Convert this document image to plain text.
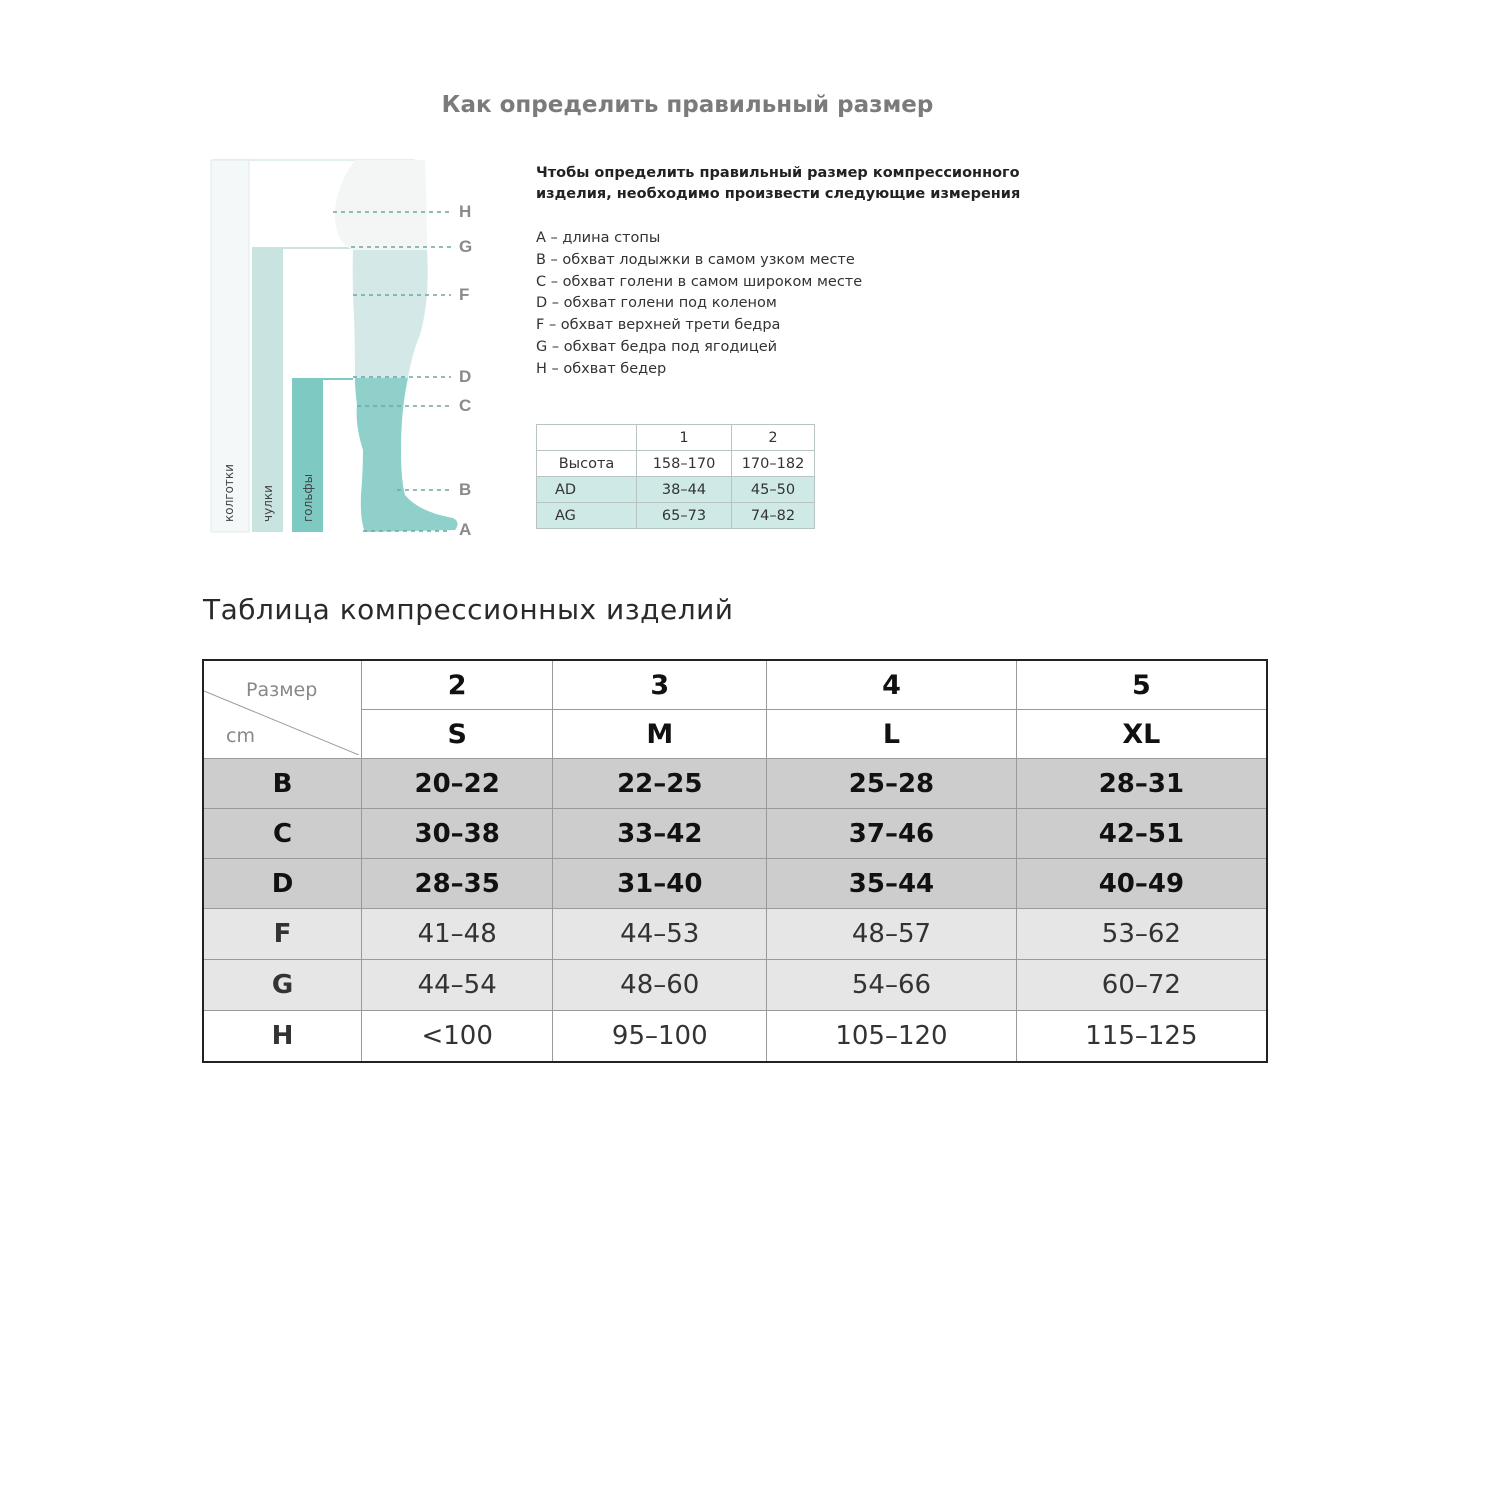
Как определить правильный размер
H
G
F
D
C
B
A
колготки чулки гольфы
Чтобы определить правильный размер компрессионного изделия, необходимо произвести следующие измерения
A – длина стопы
B – обхват лодыжки в самом узком месте
C – обхват голени в самом широком месте
D – обхват голени под коленом
F – обхват верхней трети бедра
G – обхват бедра под ягодицей
H – обхват бедер
	1	2
Высота	158–170	170–182
AD	38–44	45–50
AG	65–73	74–82
Таблица компрессионных изделий
Размер
cm	2	3	4	5
	S	M	L	XL
B	20–22	22–25	25–28	28–31
C	30–38	33–42	37–46	42–51
D	28–35	31–40	35–44	40–49
F	41–48	44–53	48–57	53–62
G	44–54	48–60	54–66	60–72
H	<100	95–100	105–120	115–125
